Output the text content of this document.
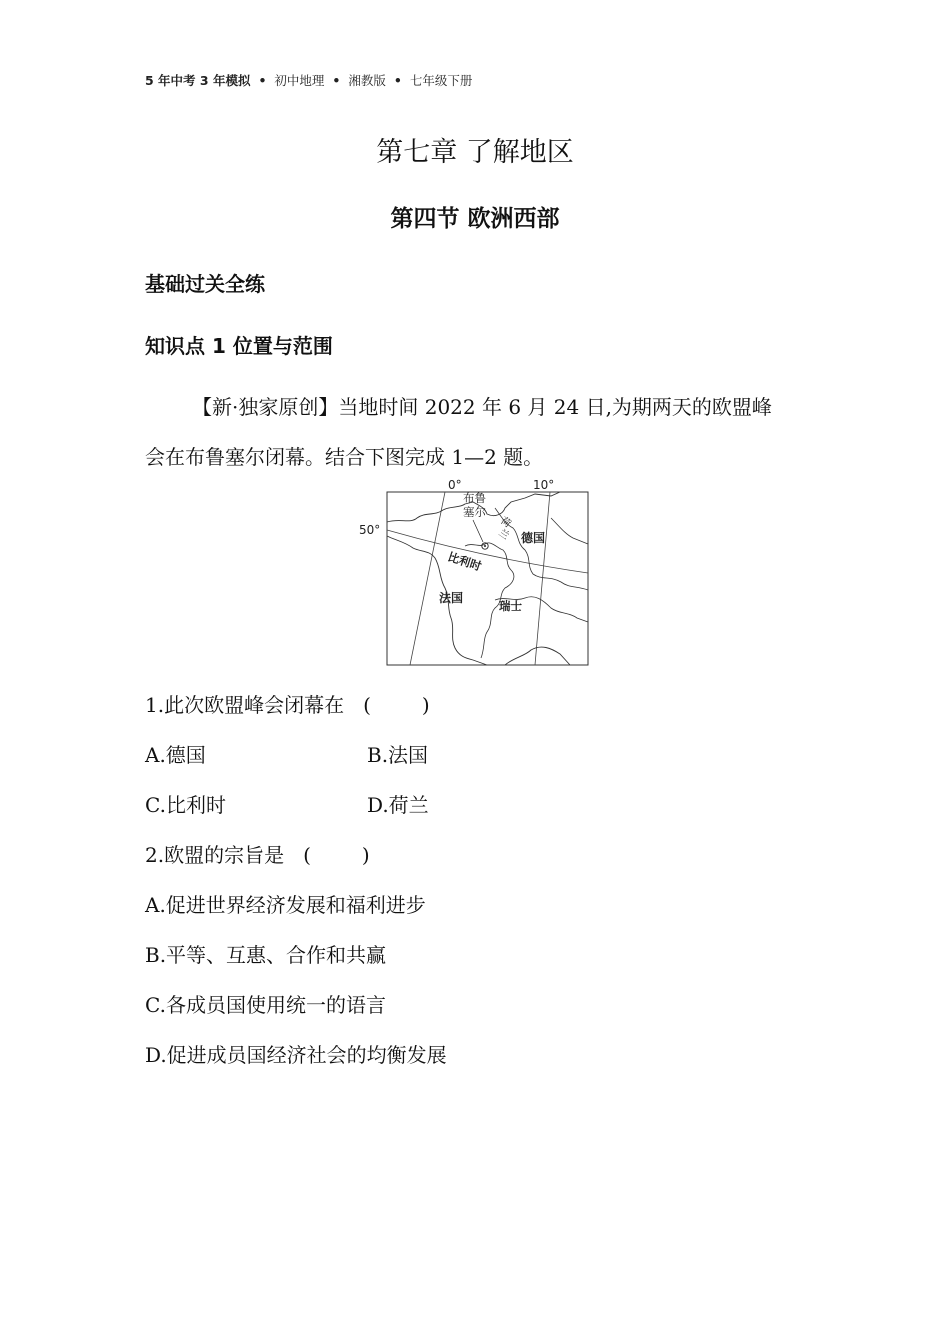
5 年中考 3 年模拟 • 初中地理 • 湘教版 • 七年级下册
第七章 了解地区
第四节 欧洲西部
基础过关全练
知识点 1 位置与范围
【新·独家原创】当地时间 2022 年 6 月 24 日,为期两天的欧盟峰
会在布鲁塞尔闭幕。结合下图完成 1—2 题。
0°	10°
50°
布鲁
塞尔
荷
兰 德国
比利时
法国
瑞士
1.此次欧盟峰会闭幕在   (        )
A.德国	B.法国
C.比利时	D.荷兰
2.欧盟的宗旨是   (        )
A.促进世界经济发展和福利进步
B.平等、互惠、合作和共赢
C.各成员国使用统一的语言
D.促进成员国经济社会的均衡发展
